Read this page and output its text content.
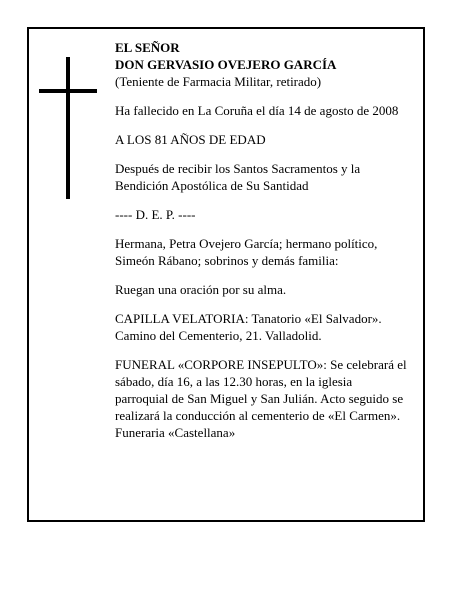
EL SEÑOR
DON GERVASIO OVEJERO GARCÍA
(Teniente de Farmacia Militar, retirado)

Ha fallecido en La Coruña el día 14 de agosto de 2008

A LOS 81 AÑOS DE EDAD

Después de recibir los Santos Sacramentos y la
Bendición Apostólica de Su Santidad

---- D. E. P. ----

Hermana, Petra Ovejero García; hermano político,
Simeón Rábano; sobrinos y demás familia:

Ruegan una oración por su alma.

CAPILLA VELATORIA: Tanatorio «El Salvador».
Camino del Cementerio, 21. Valladolid.

FUNERAL «CORPORE INSEPULTO»: Se celebrará el
sábado, día 16, a las 12.30 horas, en la iglesia
parroquial de San Miguel y San Julián. Acto seguido se
realizará la conducción al cementerio de «El Carmen».
Funeraria «Castellana»
